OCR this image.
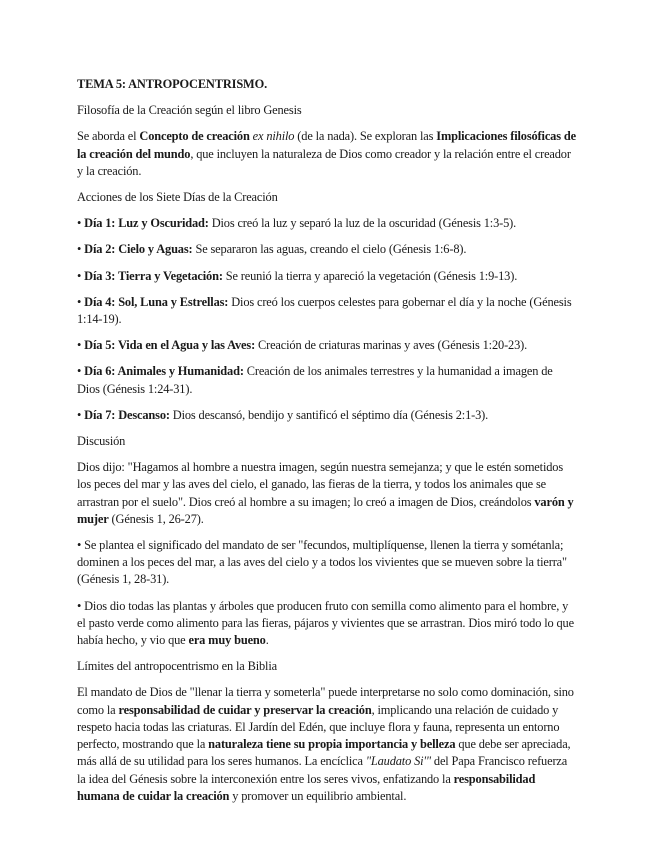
TEMA 5: ANTROPOCENTRISMO.

Filosofía de la Creación según el libro Genesis

Se aborda el Concepto de creación ex nihilo (de la nada). Se exploran las Implicaciones filosóficas de la creación del mundo, que incluyen la naturaleza de Dios como creador y la relación entre el creador y la creación.

Acciones de los Siete Días de la Creación

• Día 1: Luz y Oscuridad: Dios creó la luz y separó la luz de la oscuridad (Génesis 1:3-5).

• Día 2: Cielo y Aguas: Se separaron las aguas, creando el cielo (Génesis 1:6-8).

• Día 3: Tierra y Vegetación: Se reunió la tierra y apareció la vegetación (Génesis 1:9-13).

• Día 4: Sol, Luna y Estrellas: Dios creó los cuerpos celestes para gobernar el día y la noche (Génesis 1:14-19).

• Día 5: Vida en el Agua y las Aves: Creación de criaturas marinas y aves (Génesis 1:20-23).

• Día 6: Animales y Humanidad: Creación de los animales terrestres y la humanidad a imagen de Dios (Génesis 1:24-31).

• Día 7: Descanso: Dios descansó, bendijo y santificó el séptimo día (Génesis 2:1-3).

Discusión

Dios dijo: "Hagamos al hombre a nuestra imagen, según nuestra semejanza; y que le estén sometidos los peces del mar y las aves del cielo, el ganado, las fieras de la tierra, y todos los animales que se arrastran por el suelo". Dios creó al hombre a su imagen; lo creó a imagen de Dios, creándolos varón y mujer (Génesis 1, 26-27).

• Se plantea el significado del mandato de ser "fecundos, multiplíquense, llenen la tierra y sométanla; dominen a los peces del mar, a las aves del cielo y a todos los vivientes que se mueven sobre la tierra" (Génesis 1, 28-31).

• Dios dio todas las plantas y árboles que producen fruto con semilla como alimento para el hombre, y el pasto verde como alimento para las fieras, pájaros y vivientes que se arrastran. Dios miró todo lo que había hecho, y vio que era muy bueno.

Límites del antropocentrismo en la Biblia

El mandato de Dios de "llenar la tierra y someterla" puede interpretarse no solo como dominación, sino como la responsabilidad de cuidar y preservar la creación, implicando una relación de cuidado y respeto hacia todas las criaturas. El Jardín del Edén, que incluye flora y fauna, representa un entorno perfecto, mostrando que la naturaleza tiene su propia importancia y belleza que debe ser apreciada, más allá de su utilidad para los seres humanos. La encíclica "Laudato Si'" del Papa Francisco refuerza la idea del Génesis sobre la interconexión entre los seres vivos, enfatizando la responsabilidad humana de cuidar la creación y promover un equilibrio ambiental.
